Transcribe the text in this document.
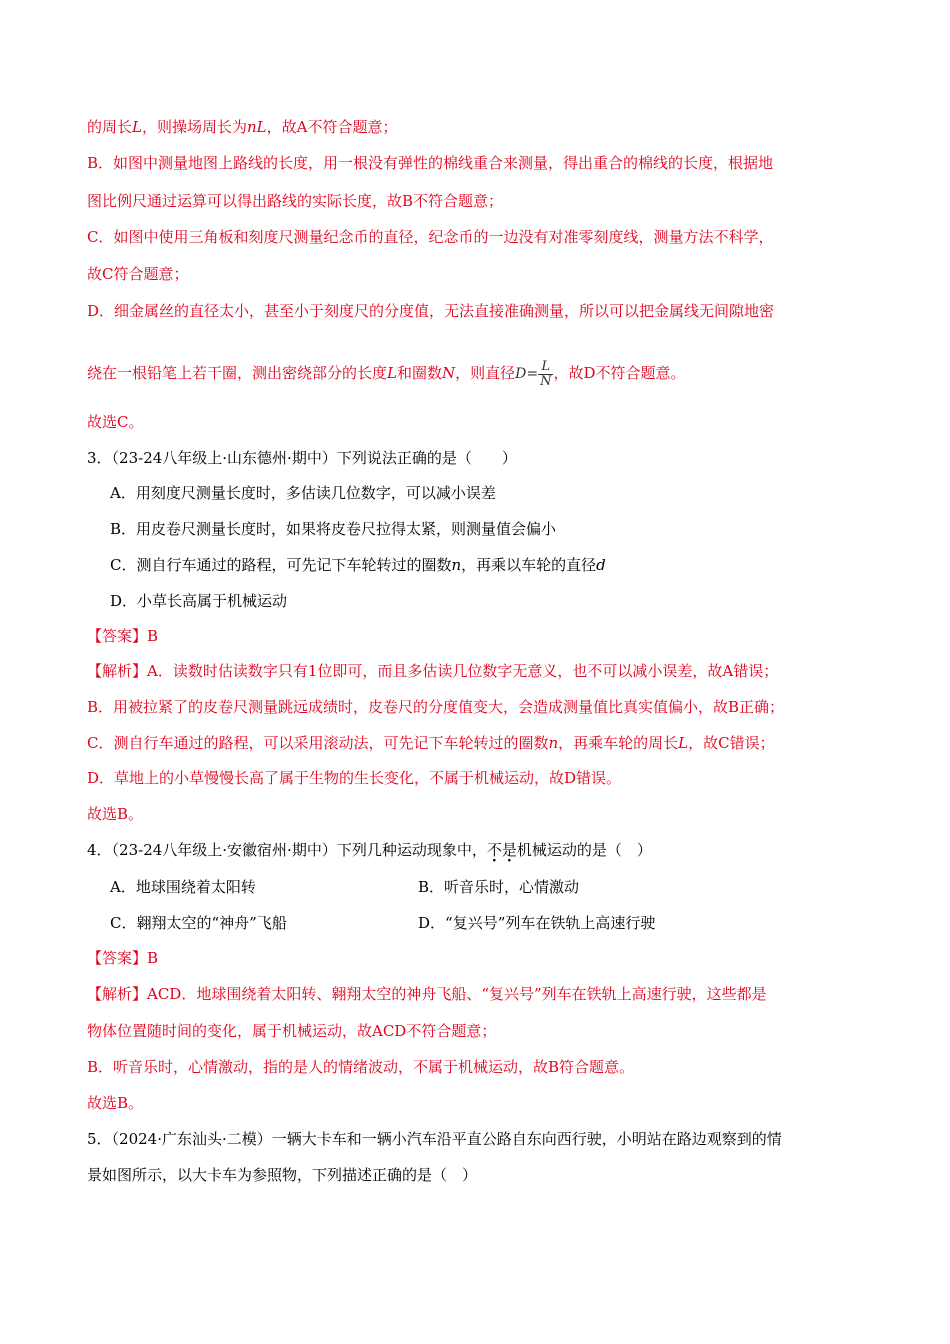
的周长L，则操场周长为nL，故A不符合题意；
B．如图中测量地图上路线的长度，用一根没有弹性的棉线重合来测量，得出重合的棉线的长度，根据地
图比例尺通过运算可以得出路线的实际长度，故B不符合题意；
C．如图中使用三角板和刻度尺测量纪念币的直径，纪念币的一边没有对准零刻度线，测量方法不科学，
故C符合题意；
D．细金属丝的直径太小，甚至小于刻度尺的分度值，无法直接准确测量，所以可以把金属线无间隙地密
绕在一根铅笔上若干圈，测出密绕部分的长度L和圈数N，则直径$D= \frac{L}{N}$ ，故D不符合题意。
故选C。
3．（23-24八年级上·山东德州·期中）下列说法正确的是（　　）
A．用刻度尺测量长度时，多估读几位数字，可以减小误差
B．用皮卷尺测量长度时，如果将皮卷尺拉得太紧，则测量值会偏小
C．测自行车通过的路程，可先记下车轮转过的圈数n，再乘以车轮的直径d
D．小草长高属于机械运动
【答案】B
【解析】A．读数时估读数字只有1位即可，而且多估读几位数字无意义，也不可以减小误差，故A错误；
B．用被拉紧了的皮卷尺测量跳远成绩时，皮卷尺的分度值变大，会造成测量值比真实值偏小，故B正确；
C．测自行车通过的路程，可以采用滚动法，可先记下车轮转过的圈数n，再乘车轮的周长L，故C错误；
D．草地上的小草慢慢长高了属于生物的生长变化，不属于机械运动，故D错误。
故选B。
4．（23-24八年级上·安徽宿州·期中）下列几种运动现象中，不是机械运动的是（　）
A．地球围绕着太阳转	B．听音乐时，心情激动
C．翱翔太空的“神舟”飞船	D．“复兴号”列车在铁轨上高速行驶
【答案】B
【解析】ACD．地球围绕着太阳转、翱翔太空的神舟飞船、“复兴号”列车在铁轨上高速行驶，这些都是
物体位置随时间的变化，属于机械运动，故ACD不符合题意；
B．听音乐时，心情激动，指的是人的情绪波动，不属于机械运动，故B符合题意。
故选B。
5．（2024·广东汕头·二模）一辆大卡车和一辆小汽车沿平直公路自东向西行驶，小明站在路边观察到的情
景如图所示，以大卡车为参照物，下列描述正确的是（　）
